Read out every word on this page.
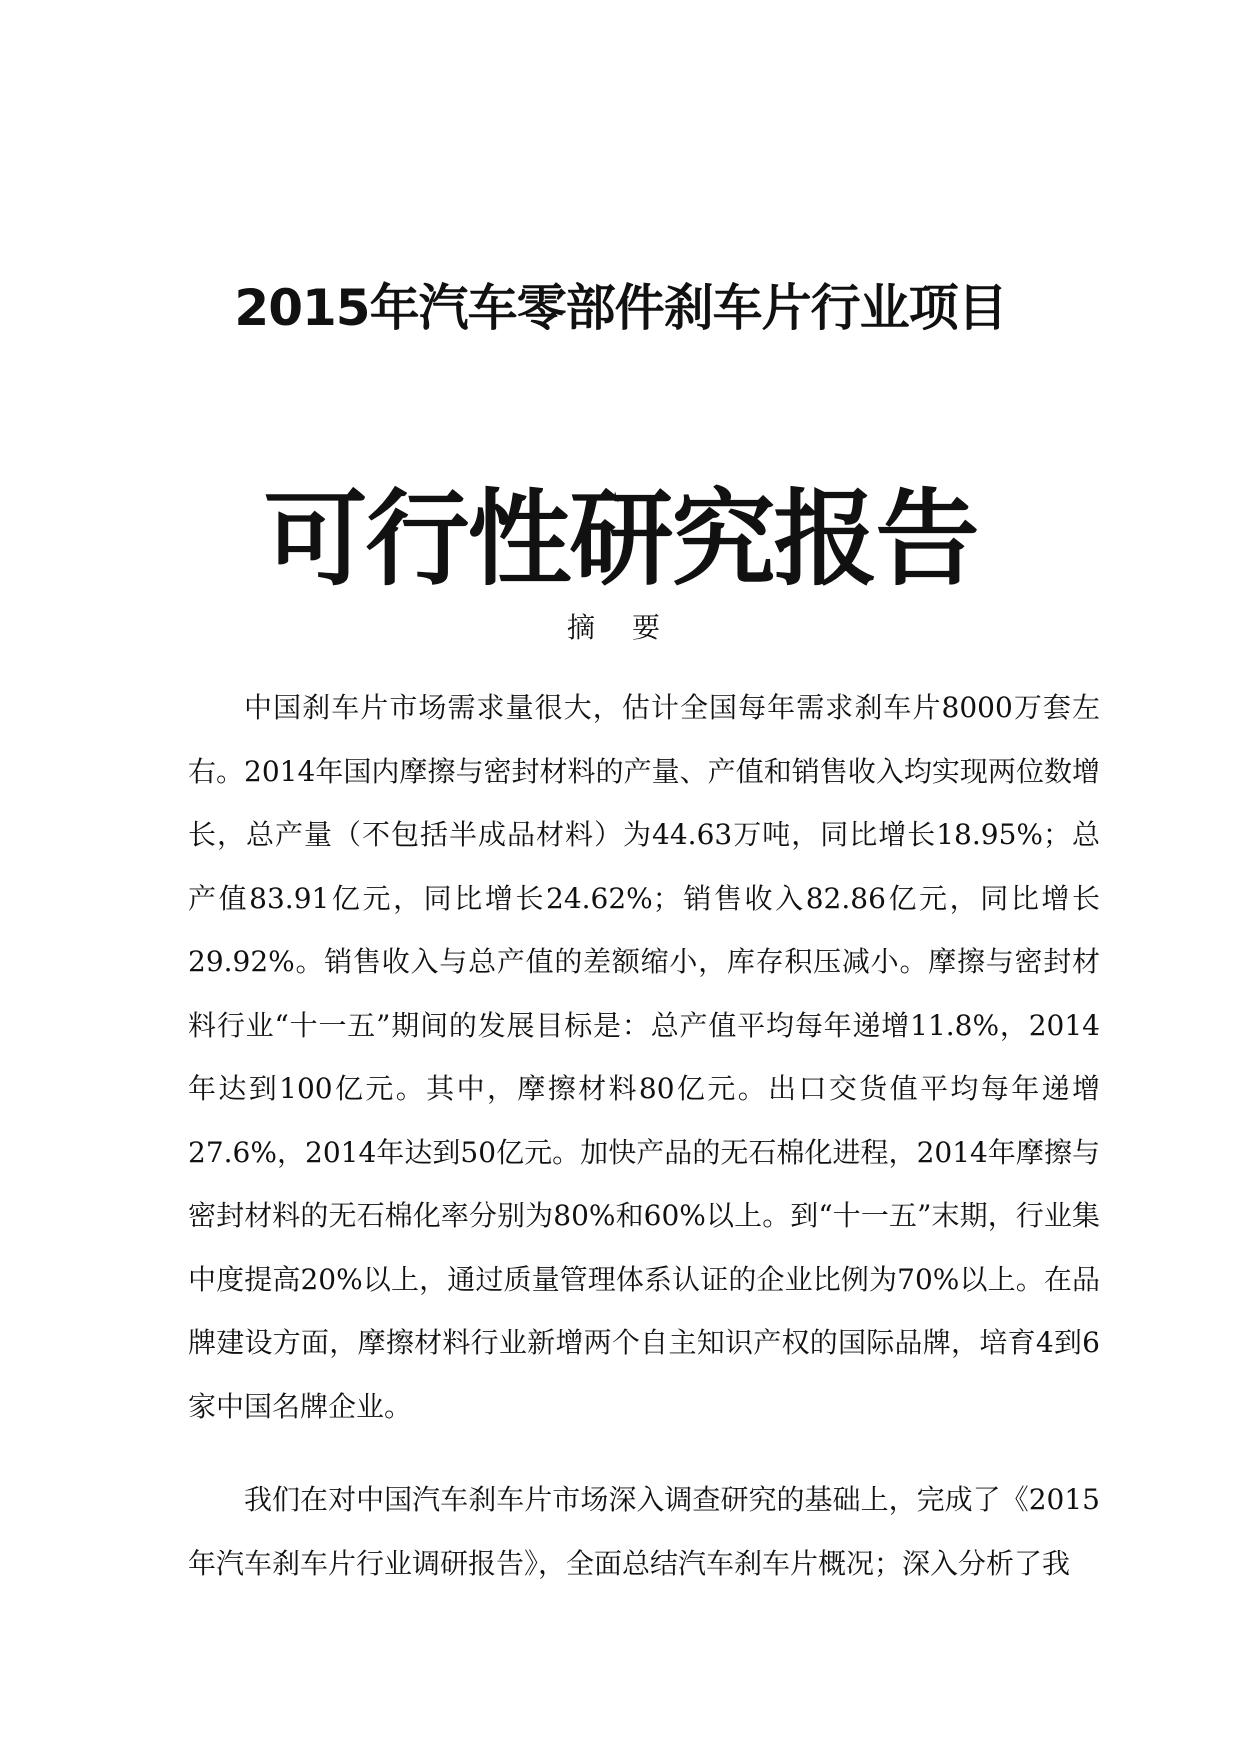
2015年汽车零部件刹车片行业项目
可行性研究报告
摘 要

中国刹车片市场需求量很大，估计全国每年需求刹车片8000万套左右。2014年国内摩擦与密封材料的产量、产值和销售收入均实现两位数增长，总产量（不包括半成品材料）为44.63万吨，同比增长18.95%；总产值83.91亿元，同比增长24.62%；销售收入82.86亿元，同比增长29.92%。销售收入与总产值的差额缩小，库存积压减小。摩擦与密封材料行业“十一五”期间的发展目标是：总产值平均每年递增11.8%，2014年达到100亿元。其中，摩擦材料80亿元。出口交货值平均每年递增27.6%，2014年达到50亿元。加快产品的无石棉化进程，2014年摩擦与密封材料的无石棉化率分别为80%和60%以上。到“十一五”末期，行业集中度提高20%以上，通过质量管理体系认证的企业比例为70%以上。在品牌建设方面，摩擦材料行业新增两个自主知识产权的国际品牌，培育4到6家中国名牌企业。

我们在对中国汽车刹车片市场深入调查研究的基础上，完成了《2015年汽车刹车片行业调研报告》，全面总结汽车刹车片概况；深入分析了我
